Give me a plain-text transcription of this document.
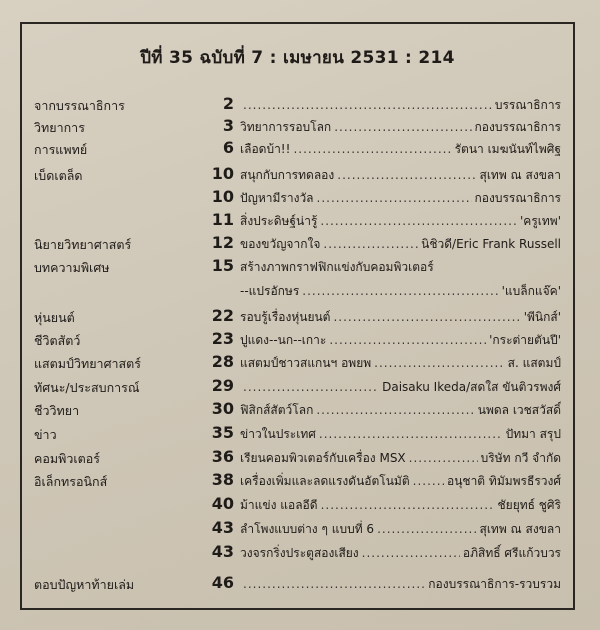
ปีที่ 35 ฉบับที่ 7 : เมษายน 2531 : 214
จากบรรณาธิการ	2 .....	บรรณาธิการ
วิทยาการ	3 วิทยาการรอบโลก .....	กองบรรณาธิการ
การแพทย์	6 เลือดบ้า!! .....	รัตนา เมฆนันท์ไพศิฐ
เบ็ดเตล็ด	10 สนุกกับการทดลอง .....	สุเทพ ณ สงขลา
10 ปัญหามีรางวัล .....	กองบรรณาธิการ
11 สิ่งประดิษฐ์น่ารู้ .....	'ครูเทพ'
นิยายวิทยาศาสตร์	12 ของขวัญจากใจ .....	นิชิวดี/Eric Frank Russell
บทความพิเศษ	15 สร้างภาพกราฟฟิกแข่งกับคอมพิวเตอร์
--แปรอักษร .....	'แบล็กแจ๊ค'
หุ่นยนต์	22 รอบรู้เรื่องหุ่นยนต์ .....	'พีนิกส์'
ชีวิตสัตว์	23 ปูแดง--นก--เกาะ .....	'กระต่ายตันปี'
แสตมป์วิทยาศาสตร์	28 แสตมป์ชาวสแกนฯ อพยพ .....	ส. แสตมป์
ทัศนะ/ประสบการณ์	29 .....	Daisaku Ikeda/สดใส ขันติวรพงศ์
ชีววิทยา	30 ฟิสิกส์สัตว์โลก .....	นพดล เวชสวัสดิ์
ข่าว	35 ข่าวในประเทศ .....	ปัทมา สรุป
คอมพิวเตอร์	36 เรียนคอมพิวเตอร์กับเครื่อง MSX .....	บริษัท กวี จำกัด
อิเล็กทรอนิกส์	38 เครื่องเพิ่มและลดแรงดันอัตโนมัติ .....	อนุชาติ ทิมัมพรธีรวงศ์
40 ม้าแข่ง แอลอีดี .....	ชัยยุทธ์ ชูศิริ
43 ลำโพงแบบต่าง ๆ แบบที่ 6 .....	สุเทพ ณ สงขลา
43 วงจรกริ่งประตูสองเสียง .....	อภิสิทธิ์ ศรีแก้วบวร
ตอบปัญหาท้ายเล่ม	46 .....	กองบรรณาธิการ-รวบรวม
